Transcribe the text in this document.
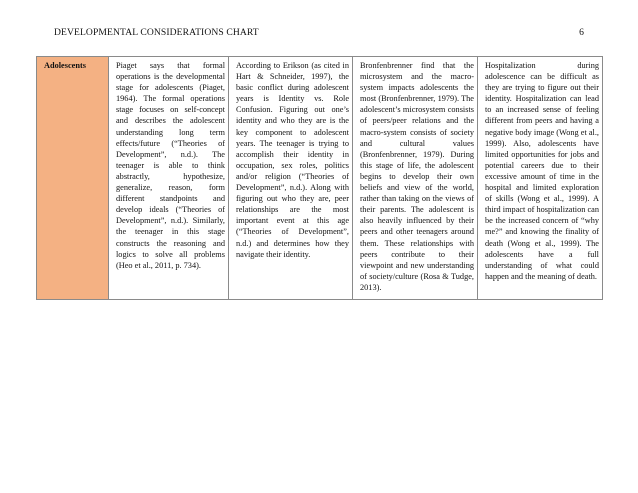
DEVELOPMENTAL CONSIDERATIONS CHART	6
Adolescents	Piaget says that formal operations is the developmental stage for adolescents (Piaget, 1964). The formal operations stage focuses on self-concept and describes the adolescent understanding long term effects/future (“Theories of Development”, n.d.). The teenager is able to think abstractly, hypothesize, generalize, reason, form different standpoints and develop ideals (“Theories of Development”, n.d.). Similarly, the teenager in this stage constructs the reasoning and logics to solve all problems (Heo et al., 2011, p. 734).	According to Erikson (as cited in Hart & Schneider, 1997), the basic conflict during adolescent years is Identity vs. Role Confusion. Figuring out one’s identity and who they are is the key component to adolescent years. The teenager is trying to accomplish their identity in occupation, sex roles, politics and/or religion (“Theories of Development”, n.d.). Along with figuring out who they are, peer relationships are the most important event at this age (“Theories of Development”, n.d.) and determines how they navigate their identity.	Bronfenbrenner find that the microsystem and the macro-system impacts adolescents the most (Bronfenbrenner, 1979). The adolescent’s microsystem consists of peers/peer relations and the macro-system consists of society and cultural values (Bronfenbrenner, 1979). During this stage of life, the adolescent begins to develop their own beliefs and view of the world, rather than taking on the views of their parents. The adolescent is also heavily influenced by their peers and other teenagers around them. These relationships with peers contribute to their viewpoint and new understanding of society/culture (Rosa & Tudge, 2013).	Hospitalization during adolescence can be difficult as they are trying to figure out their identity. Hospitalization can lead to an increased sense of feeling different from peers and having a negative body image (Wong et al., 1999). Also, adolescents have limited opportunities for jobs and potential careers due to their excessive amount of time in the hospital and limited exploration of skills (Wong et al., 1999). A third impact of hospitalization can be the increased concern of “why me?” and knowing the finality of death (Wong et al., 1999). The adolescents have a full understanding of what could happen and the meaning of death.
